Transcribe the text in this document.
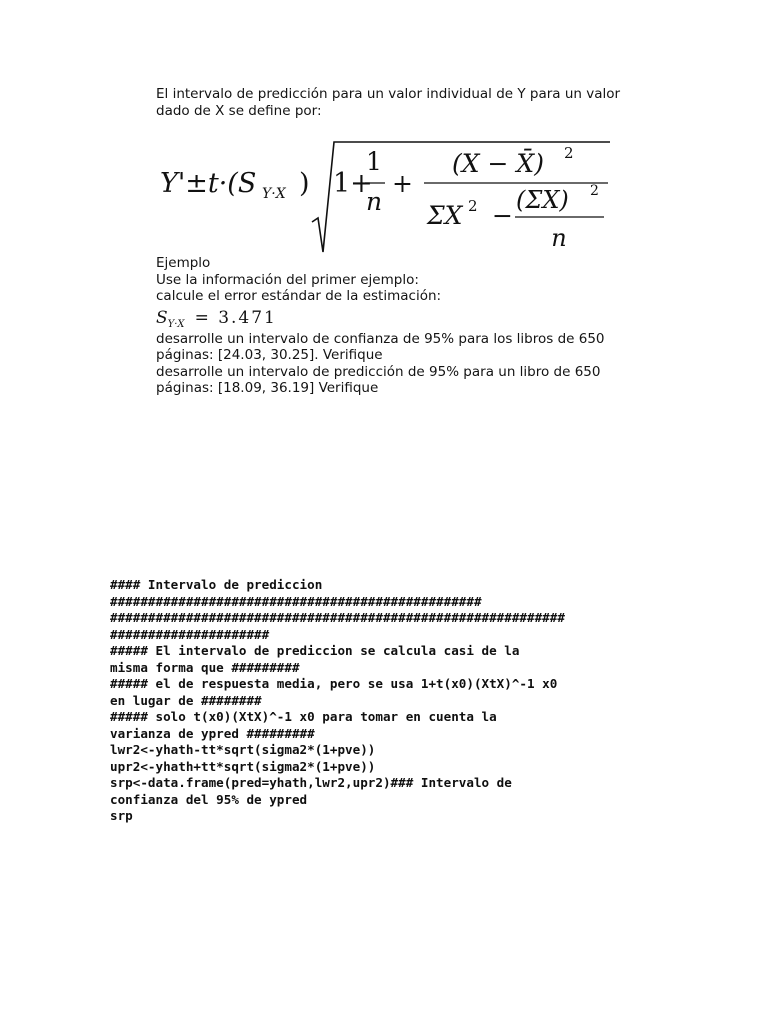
El intervalo de predicción para un valor individual de Y para un valor

dado de X se define por:

Y'±t·(S Y·X ) 1+
1
n
+
(X − X̄) 2
ΣX 2 −
(ΣX) 2
n

Ejemplo

Use la información del primer ejemplo:

calcule el error estándar de la estimación:

$S_{Y\cdot X} = 3.471$

desarrolle un intervalo de confianza de 95% para los libros de 650

páginas: [24.03, 30.25]. Verifique

desarrolle un intervalo de predicción de 95% para un libro de 650

páginas: [18.09, 36.19] Verifique

#### Intervalo de prediccion
#################################################
############################################################
#####################
##### El intervalo de prediccion se calcula casi de la
misma forma que #########
##### el de respuesta media, pero se usa 1+t(x0)(XtX)^-1 x0
en lugar de ########
##### solo t(x0)(XtX)^-1 x0 para tomar en cuenta la
varianza de ypred #########
lwr2<-yhath-tt*sqrt(sigma2*(1+pve))
upr2<-yhath+tt*sqrt(sigma2*(1+pve))
srp<-data.frame(pred=yhath,lwr2,upr2)### Intervalo de
confianza del 95% de ypred
srp
